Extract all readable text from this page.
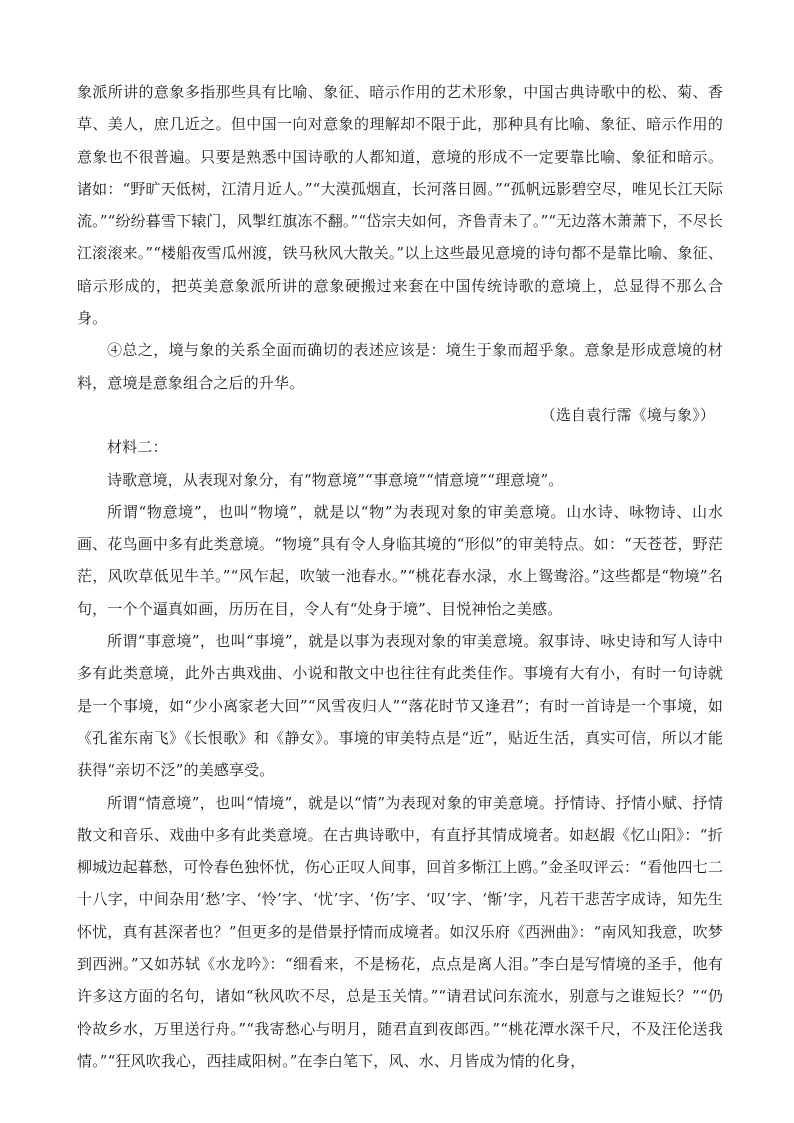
象派所讲的意象多指那些具有比喻、象征、暗示作用的艺术形象，中国古典诗歌中的松、菊、香草、美人，庶几近之。但中国一向对意象的理解却不限于此，那种具有比喻、象征、暗示作用的意象也不很普遍。只要是熟悉中国诗歌的人都知道，意境的形成不一定要靠比喻、象征和暗示。诸如：“野旷天低树，江清月近人。”“大漠孤烟直，长河落日圆。”“孤帆远影碧空尽，唯见长江天际流。”“纷纷暮雪下辕门，风掣红旗冻不翻。”“岱宗夫如何，齐鲁青未了。”“无边落木萧萧下，不尽长江滚滚来。”“楼船夜雪瓜州渡，铁马秋风大散关。”以上这些最见意境的诗句都不是靠比喻、象征、暗示形成的，把英美意象派所讲的意象硬搬过来套在中国传统诗歌的意境上，总显得不那么合身。

④总之，境与象的关系全面而确切的表述应该是：境生于象而超乎象。意象是形成意境的材料，意境是意象组合之后的升华。

（选自袁行霈《境与象》）

材料二：

诗歌意境，从表现对象分，有“物意境”“事意境”“情意境”“理意境”。

所谓“物意境”，也叫“物境”，就是以“物”为表现对象的审美意境。山水诗、咏物诗、山水画、花鸟画中多有此类意境。“物境”具有令人身临其境的“形似”的审美特点。如：“天苍苍，野茫茫，风吹草低见牛羊。”“风乍起，吹皱一池春水。”“桃花春水渌，水上鸳鸯浴。”这些都是“物境”名句，一个个逼真如画，历历在目，令人有“处身于境”、目悦神怡之美感。

所谓“事意境”，也叫“事境”，就是以事为表现对象的审美意境。叙事诗、咏史诗和写人诗中多有此类意境，此外古典戏曲、小说和散文中也往往有此类佳作。事境有大有小，有时一句诗就是一个事境，如“少小离家老大回”“风雪夜归人”“落花时节又逢君”；有时一首诗是一个事境，如《孔雀东南飞》《长恨歌》和《静女》。事境的审美特点是“近”，贴近生活，真实可信，所以才能获得“亲切不泛”的美感享受。

所谓“情意境”，也叫“情境”，就是以“情”为表现对象的审美意境。抒情诗、抒情小赋、抒情散文和音乐、戏曲中多有此类意境。在古典诗歌中，有直抒其情成境者。如赵嘏《忆山阳》：“折柳城边起暮愁，可怜春色独怀忧，伤心正叹人间事，回首多惭江上鸥。”金圣叹评云：“看他四七二十八字，中间杂用‘愁’字、‘怜’字、‘忧’字、‘伤’字、‘叹’字、‘惭’字，凡若干悲苦字成诗，知先生怀忧，真有甚深者也？”但更多的是借景抒情而成境者。如汉乐府《西洲曲》：“南风知我意，吹梦到西洲。”又如苏轼《水龙吟》：“细看来，不是杨花，点点是离人泪。”李白是写情境的圣手，他有许多这方面的名句，诸如“秋风吹不尽，总是玉关情。”“请君试问东流水，别意与之谁短长？”“仍怜故乡水，万里送行舟。”“我寄愁心与明月，随君直到夜郎西。”“桃花潭水深千尺，不及汪伦送我情。”“狂风吹我心，西挂咸阳树。”在李白笔下，风、水、月皆成为情的化身，
